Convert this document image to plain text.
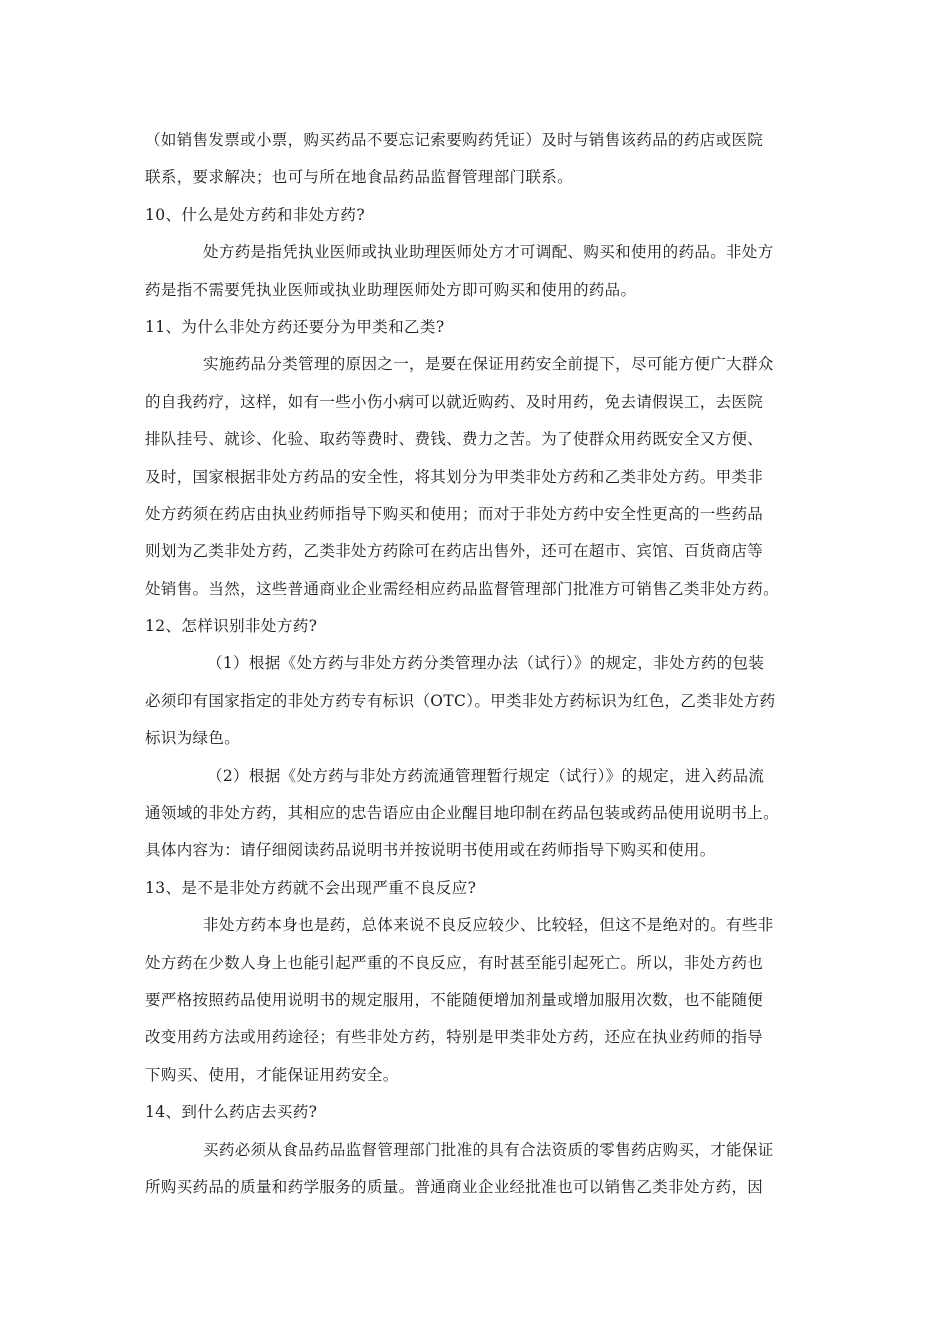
（如销售发票或小票，购买药品不要忘记索要购药凭证）及时与销售该药品的药店或医院
联系，要求解决；也可与所在地食品药品监督管理部门联系。
10、什么是处方药和非处方药?
处方药是指凭执业医师或执业助理医师处方才可调配、购买和使用的药品。非处方
药是指不需要凭执业医师或执业助理医师处方即可购买和使用的药品。
11、为什么非处方药还要分为甲类和乙类?
实施药品分类管理的原因之一，是要在保证用药安全前提下，尽可能方便广大群众
的自我药疗，这样，如有一些小伤小病可以就近购药、及时用药，免去请假误工，去医院
排队挂号、就诊、化验、取药等费时、费钱、费力之苦。为了使群众用药既安全又方便、
及时，国家根据非处方药品的安全性，将其划分为甲类非处方药和乙类非处方药。甲类非
处方药须在药店由执业药师指导下购买和使用；而对于非处方药中安全性更高的一些药品
则划为乙类非处方药，乙类非处方药除可在药店出售外，还可在超市、宾馆、百货商店等
处销售。当然，这些普通商业企业需经相应药品监督管理部门批准方可销售乙类非处方药。
12、怎样识别非处方药?
（1）根据《处方药与非处方药分类管理办法（试行）》的规定，非处方药的包装
必须印有国家指定的非处方药专有标识（OTC）。甲类非处方药标识为红色，乙类非处方药
标识为绿色。
（2）根据《处方药与非处方药流通管理暂行规定（试行）》的规定，进入药品流
通领域的非处方药，其相应的忠告语应由企业醒目地印制在药品包装或药品使用说明书上。
具体内容为：请仔细阅读药品说明书并按说明书使用或在药师指导下购买和使用。
13、是不是非处方药就不会出现严重不良反应?
非处方药本身也是药，总体来说不良反应较少、比较轻，但这不是绝对的。有些非
处方药在少数人身上也能引起严重的不良反应，有时甚至能引起死亡。所以，非处方药也
要严格按照药品使用说明书的规定服用，不能随便增加剂量或增加服用次数，也不能随便
改变用药方法或用药途径；有些非处方药，特别是甲类非处方药，还应在执业药师的指导
下购买、使用，才能保证用药安全。
14、到什么药店去买药?
买药必须从食品药品监督管理部门批准的具有合法资质的零售药店购买，才能保证
所购买药品的质量和药学服务的质量。普通商业企业经批准也可以销售乙类非处方药，因
